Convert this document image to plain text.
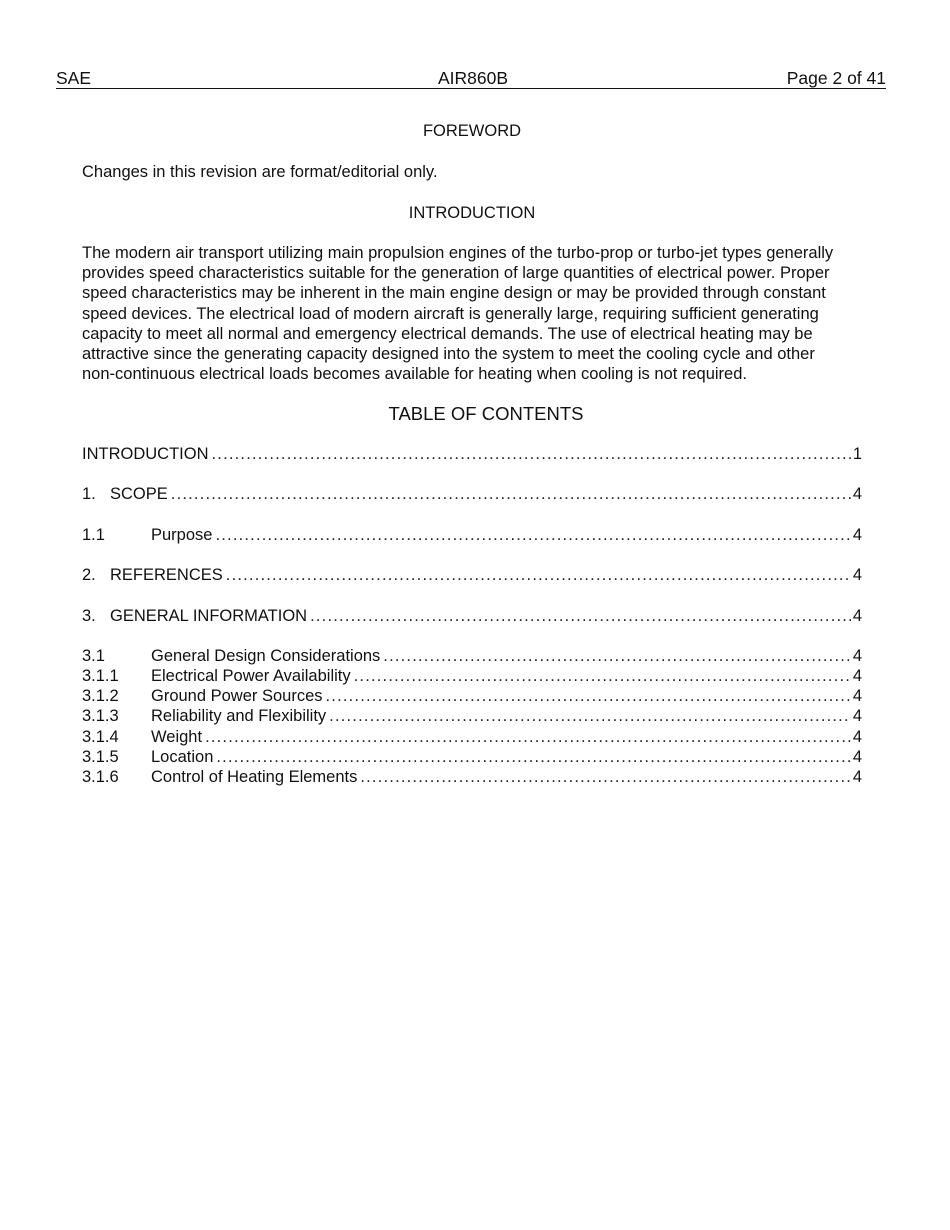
SAE	AIR860B	Page 2 of 41
FOREWORD
Changes in this revision are format/editorial only.
INTRODUCTION
The modern air transport utilizing main propulsion engines of the turbo-prop or turbo-jet types generally
provides speed characteristics suitable for the generation of large quantities of electrical power. Proper
speed characteristics may be inherent in the main engine design or may be provided through constant
speed devices. The electrical load of modern aircraft is generally large, requiring sufficient generating
capacity to meet all normal and emergency electrical demands. The use of electrical heating may be
attractive since the generating capacity designed into the system to meet the cooling cycle and other
non-continuous electrical loads becomes available for heating when cooling is not required.
TABLE OF CONTENTS
INTRODUCTION .....	1
1. SCOPE .....	4
1.1	Purpose .....	4
2. REFERENCES .....	4
3. GENERAL INFORMATION .....	4
3.1	General Design Considerations .....	4
3.1.1	Electrical Power Availability .....	4
3.1.2	Ground Power Sources .....	4
3.1.3	Reliability and Flexibility .....	4
3.1.4	Weight .....	4
3.1.5	Location .....	4
3.1.6	Control of Heating Elements .....	4
